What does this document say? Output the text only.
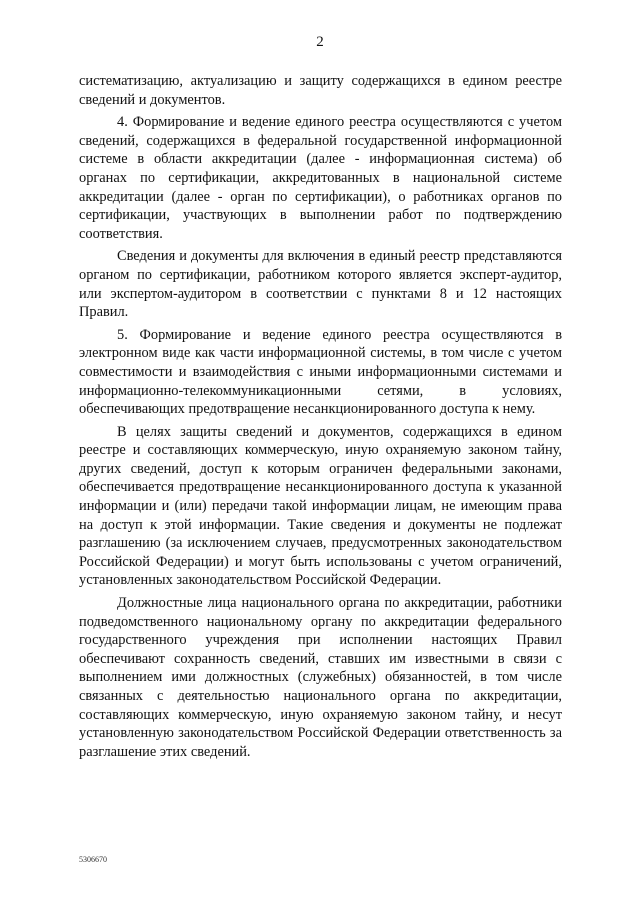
2

систематизацию, актуализацию и защиту содержащихся в едином реестре сведений и документов.

4. Формирование и ведение единого реестра осуществляются с учетом сведений, содержащихся в федеральной государственной информационной системе в области аккредитации (далее - информационная система) об органах по сертификации, аккредитованных в национальной системе аккредитации (далее - орган по сертификации), о работниках органов по сертификации, участвующих в выполнении работ по подтверждению соответствия.

Сведения и документы для включения в единый реестр представляются органом по сертификации, работником которого является эксперт-аудитор, или экспертом-аудитором в соответствии с пунктами 8 и 12 настоящих Правил.

5. Формирование и ведение единого реестра осуществляются в электронном виде как части информационной системы, в том числе с учетом совместимости и взаимодействия с иными информационными системами и информационно-телекоммуникационными сетями, в условиях, обеспечивающих предотвращение несанкционированного доступа к нему.

В целях защиты сведений и документов, содержащихся в едином реестре и составляющих коммерческую, иную охраняемую законом тайну, других сведений, доступ к которым ограничен федеральными законами, обеспечивается предотвращение несанкционированного доступа к указанной информации и (или) передачи такой информации лицам, не имеющим права на доступ к этой информации. Такие сведения и документы не подлежат разглашению (за исключением случаев, предусмотренных законодательством Российской Федерации) и могут быть использованы с учетом ограничений, установленных законодательством Российской Федерации.

Должностные лица национального органа по аккредитации, работники подведомственного национальному органу по аккредитации федерального государственного учреждения при исполнении настоящих Правил обеспечивают сохранность сведений, ставших им известными в связи с выполнением ими должностных (служебных) обязанностей, в том числе связанных с деятельностью национального органа по аккредитации, составляющих коммерческую, иную охраняемую законом тайну, и несут установленную законодательством Российской Федерации ответственность за разглашение этих сведений.

5306670
